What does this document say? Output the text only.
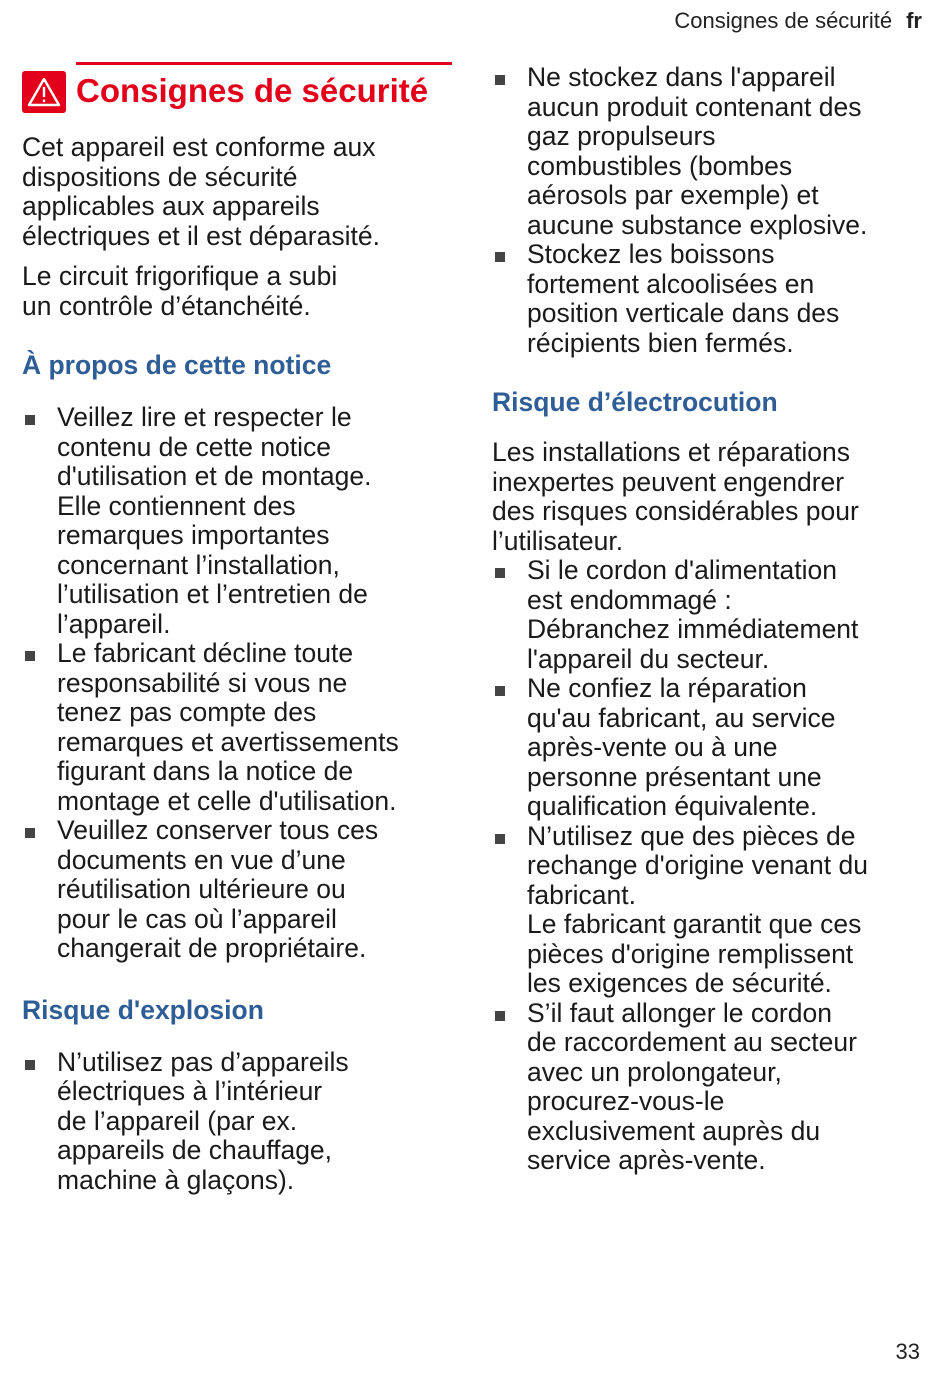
Consignes de sécurité fr
Consignes de sécurité

Cet appareil est conforme aux
dispositions de sécurité
applicables aux appareils
électriques et il est déparasité.

Le circuit frigorifique a subi
un contrôle d’étanchéité.

À propos de cette notice
Veillez lire et respecter le
contenu de cette notice
d'utilisation et de montage.
Elle contiennent des
remarques importantes
concernant l’installation,
l’utilisation et l’entretien de
l’appareil.
Le fabricant décline toute
responsabilité si vous ne
tenez pas compte des
remarques et avertissements
figurant dans la notice de
montage et celle d'utilisation.
Veuillez conserver tous ces
documents en vue d’une
réutilisation ultérieure ou
pour le cas où l’appareil
changerait de propriétaire.
Risque d'explosion
N’utilisez pas d’appareils
électriques à l’intérieur
de l’appareil (par ex.
appareils de chauffage,
machine à glaçons).
Ne stockez dans l'appareil
aucun produit contenant des
gaz propulseurs
combustibles (bombes
aérosols par exemple) et
aucune substance explosive.
Stockez les boissons
fortement alcoolisées en
position verticale dans des
récipients bien fermés.
Risque d’électrocution

Les installations et réparations
inexpertes peuvent engendrer
des risques considérables pour
l’utilisateur.

Si le cordon d'alimentation
est endommagé :
Débranchez immédiatement
l'appareil du secteur.
Ne confiez la réparation
qu'au fabricant, au service
après-vente ou à une
personne présentant une
qualification équivalente.
N’utilisez que des pièces de
rechange d'origine venant du
fabricant.
Le fabricant garantit que ces
pièces d'origine remplissent
les exigences de sécurité.
S’il faut allonger le cordon
de raccordement au secteur
avec un prolongateur,
procurez-vous-le
exclusivement auprès du
service après-vente.
33
